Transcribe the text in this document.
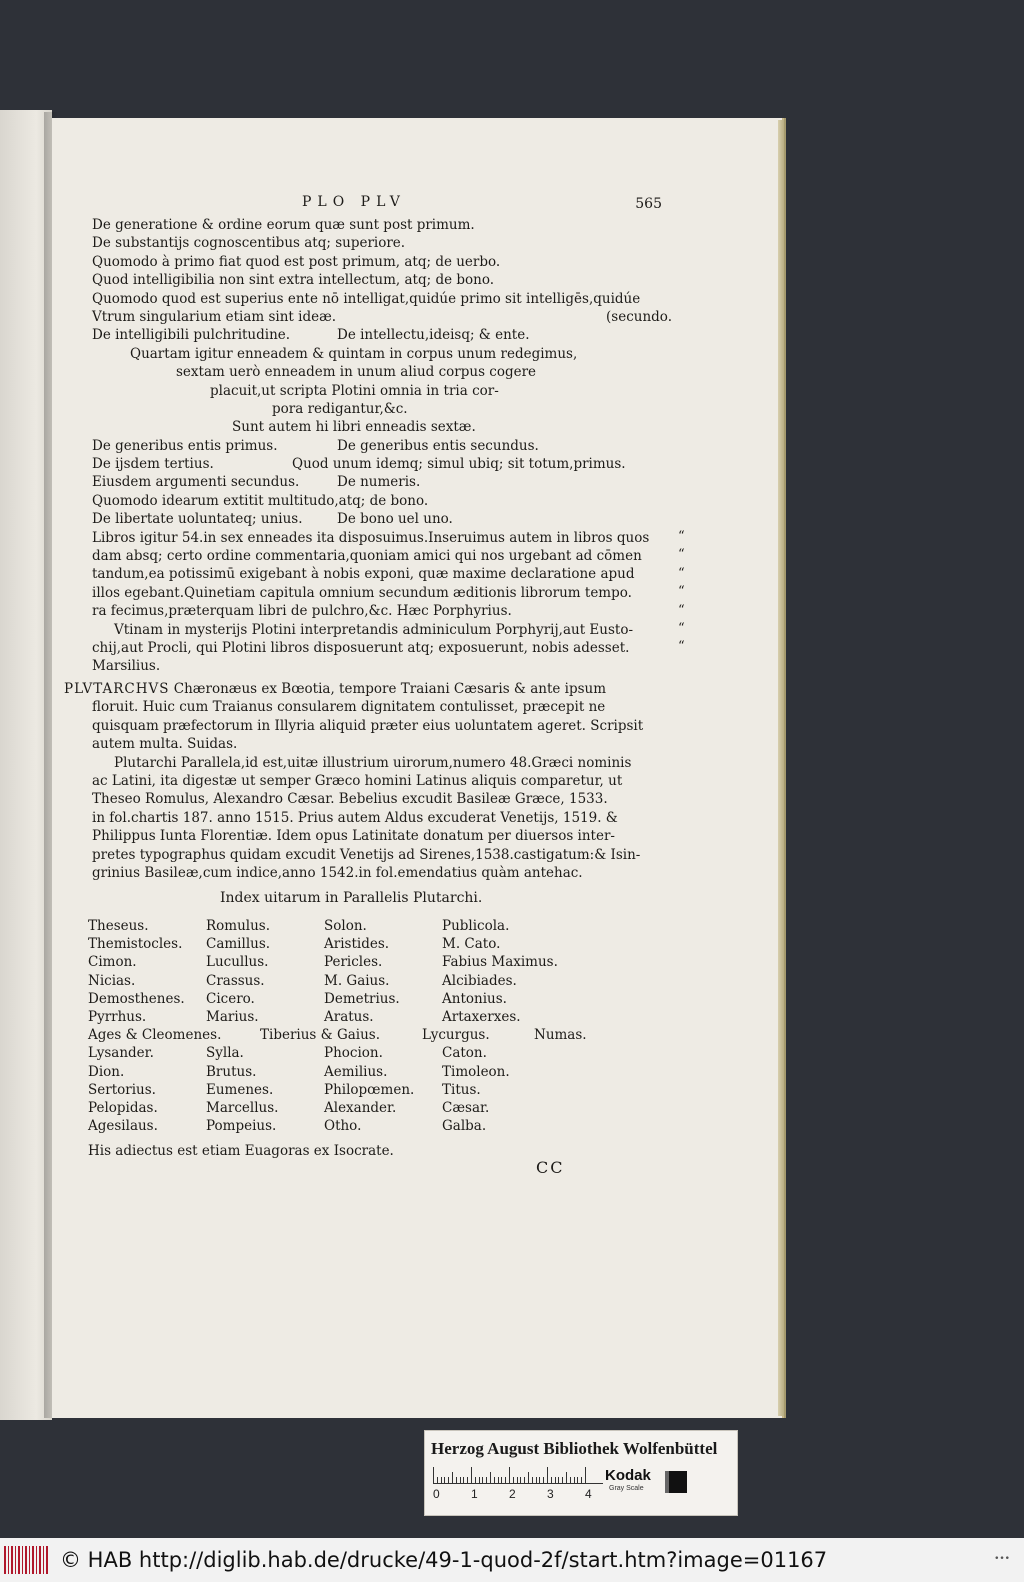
PLO PLV	565
De generatione & ordine eorum quæ sunt post primum.
De substantijs cognoscentibus atq; superiore.
Quomodo à primo fiat quod est post primum, atq; de uerbo.
Quod intelligibilia non sint extra intellectum, atq; de bono.
Quomodo quod est superius ente nō intelligat,quidúe primo sit intelligēs,quidúe
Vtrum singularium etiam sint ideæ.	(secundo.
De intelligibili pulchritudine.	De intellectu,ideisq; & ente.
Quartam igitur enneadem & quintam in corpus unum redegimus,
sextam uerò enneadem in unum aliud corpus cogere
placuit,ut scripta Plotini omnia in tria cor-
pora redigantur,&c.
Sunt autem hi libri enneadis sextæ.
De generibus entis primus.	De generibus entis secundus.
De ijsdem tertius.	Quod unum idemq; simul ubiq; sit totum,primus.
Eiusdem argumenti secundus.	De numeris.
Quomodo idearum extitit multitudo,atq; de bono.
De libertate uoluntateq; unius.	De bono uel uno.
Libros igitur 54.in sex enneades ita disposuimus.Inseruimus autem in libros quos
dam absq; certo ordine commentaria,quoniam amici qui nos urgebant ad cōmen
tandum,ea potissimū exigebant à nobis exponi, quæ maxime declaratione apud
illos egebant.Quinetiam capitula omnium secundum æditionis librorum tempo.
ra fecimus,præterquam libri de pulchro,&c. Hæc Porphyrius.
Vtinam in mysterijs Plotini interpretandis adminiculum Porphyrij,aut Eusto-
chij,aut Procli, qui Plotini libros disposuerunt atq; exposuerunt, nobis adesset.
Marsilius.
“
“
“
“
“
“
“
PLVTARCHVS Chæronæus ex Bœotia, tempore Traiani Cæsaris & ante ipsum
floruit. Huic cum Traianus consularem dignitatem contulisset, præcepit ne
quisquam præfectorum in Illyria aliquid præter eius uoluntatem ageret. Scripsit
autem multa. Suidas.
Plutarchi Parallela,id est,uitæ illustrium uirorum,numero 48.Græci nominis
ac Latini, ita digestæ ut semper Græco homini Latinus aliquis comparetur, ut
Theseo Romulus, Alexandro Cæsar. Bebelius excudit Basileæ Græce, 1533.
in fol.chartis 187. anno 1515. Prius autem Aldus excuderat Venetijs, 1519. &
Philippus Iunta Florentiæ. Idem opus Latinitate donatum per diuersos inter-
pretes typographus quidam excudit Venetijs ad Sirenes,1538.castigatum:& Isin-
grinius Basileæ,cum indice,anno 1542.in fol.emendatius quàm antehac.
Index uitarum in Parallelis Plutarchi.
Theseus.	Romulus.	Solon.	Publicola.
Themistocles.	Camillus.	Aristides.	M. Cato.
Cimon.	Lucullus.	Pericles.	Fabius Maximus.
Nicias.	Crassus.	M. Gaius.	Alcibiades.
Demosthenes.	Cicero.	Demetrius.	Antonius.
Pyrrhus.	Marius.	Aratus.	Artaxerxes.
Ages & Cleomenes.	Tiberius & Gaius.	Lycurgus.	Numas.
Lysander.	Sylla.	Phocion.	Caton.
Dion.	Brutus.	Aemilius.	Timoleon.
Sertorius.	Eumenes.	Philopœmen.	Titus.
Pelopidas.	Marcellus.	Alexander.	Cæsar.
Agesilaus.	Pompeius.	Otho.	Galba.
His adiectus est etiam Euagoras ex Isocrate.
CC
Herzog August Bibliothek Wolfenbüttel
0	1	2	3	4
Kodak
Gray Scale
© HAB http://diglib.hab.de/drucke/49-1-quod-2f/start.htm?image=01167	•••
